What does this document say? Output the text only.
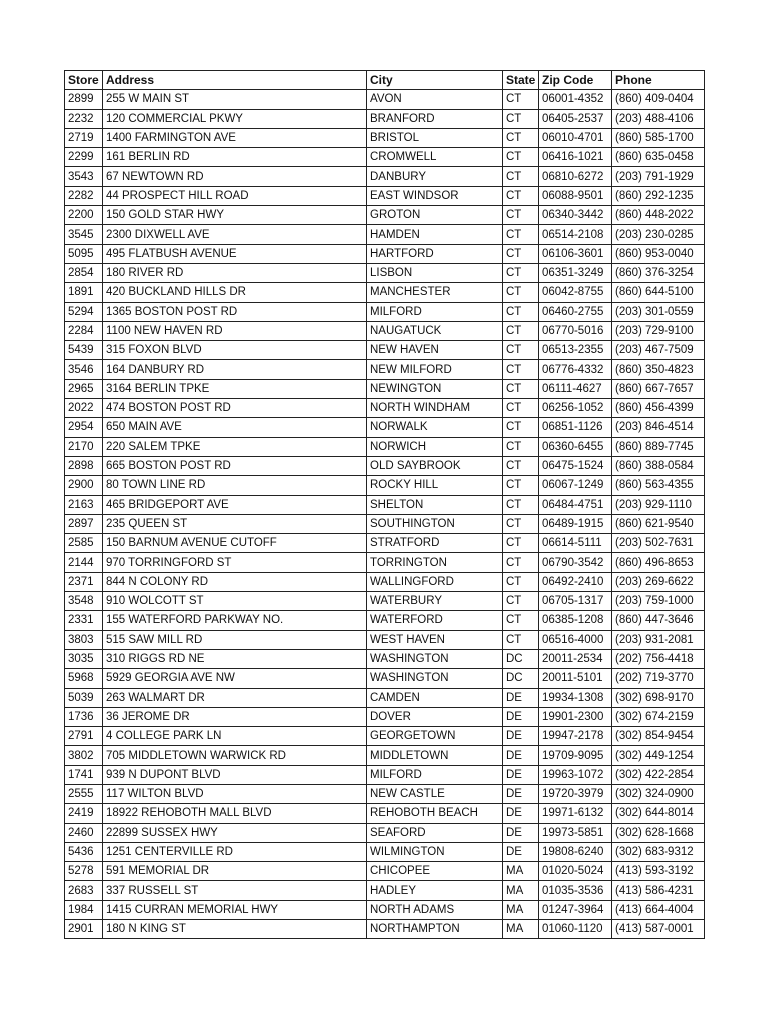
Store	Address	City	State	Zip Code	Phone
2899	255 W MAIN ST	AVON	CT	06001-4352	(860) 409-0404
2232	120 COMMERCIAL PKWY	BRANFORD	CT	06405-2537	(203) 488-4106
2719	1400 FARMINGTON AVE	BRISTOL	CT	06010-4701	(860) 585-1700
2299	161 BERLIN RD	CROMWELL	CT	06416-1021	(860) 635-0458
3543	67 NEWTOWN RD	DANBURY	CT	06810-6272	(203) 791-1929
2282	44 PROSPECT HILL ROAD	EAST WINDSOR	CT	06088-9501	(860) 292-1235
2200	150 GOLD STAR HWY	GROTON	CT	06340-3442	(860) 448-2022
3545	2300 DIXWELL AVE	HAMDEN	CT	06514-2108	(203) 230-0285
5095	495 FLATBUSH AVENUE	HARTFORD	CT	06106-3601	(860) 953-0040
2854	180 RIVER RD	LISBON	CT	06351-3249	(860) 376-3254
1891	420 BUCKLAND HILLS DR	MANCHESTER	CT	06042-8755	(860) 644-5100
5294	1365 BOSTON POST RD	MILFORD	CT	06460-2755	(203) 301-0559
2284	1100 NEW HAVEN RD	NAUGATUCK	CT	06770-5016	(203) 729-9100
5439	315 FOXON BLVD	NEW HAVEN	CT	06513-2355	(203) 467-7509
3546	164 DANBURY RD	NEW MILFORD	CT	06776-4332	(860) 350-4823
2965	3164 BERLIN TPKE	NEWINGTON	CT	06111-4627	(860) 667-7657
2022	474 BOSTON POST RD	NORTH WINDHAM	CT	06256-1052	(860) 456-4399
2954	650 MAIN AVE	NORWALK	CT	06851-1126	(203) 846-4514
2170	220 SALEM TPKE	NORWICH	CT	06360-6455	(860) 889-7745
2898	665 BOSTON POST RD	OLD SAYBROOK	CT	06475-1524	(860) 388-0584
2900	80 TOWN LINE RD	ROCKY HILL	CT	06067-1249	(860) 563-4355
2163	465 BRIDGEPORT AVE	SHELTON	CT	06484-4751	(203) 929-1110
2897	235 QUEEN ST	SOUTHINGTON	CT	06489-1915	(860) 621-9540
2585	150 BARNUM AVENUE CUTOFF	STRATFORD	CT	06614-5111	(203) 502-7631
2144	970 TORRINGFORD ST	TORRINGTON	CT	06790-3542	(860) 496-8653
2371	844 N COLONY RD	WALLINGFORD	CT	06492-2410	(203) 269-6622
3548	910 WOLCOTT ST	WATERBURY	CT	06705-1317	(203) 759-1000
2331	155 WATERFORD PARKWAY NO.	WATERFORD	CT	06385-1208	(860) 447-3646
3803	515 SAW MILL RD	WEST HAVEN	CT	06516-4000	(203) 931-2081
3035	310 RIGGS RD NE	WASHINGTON	DC	20011-2534	(202) 756-4418
5968	5929 GEORGIA AVE NW	WASHINGTON	DC	20011-5101	(202) 719-3770
5039	263 WALMART DR	CAMDEN	DE	19934-1308	(302) 698-9170
1736	36 JEROME DR	DOVER	DE	19901-2300	(302) 674-2159
2791	4 COLLEGE PARK LN	GEORGETOWN	DE	19947-2178	(302) 854-9454
3802	705 MIDDLETOWN WARWICK RD	MIDDLETOWN	DE	19709-9095	(302) 449-1254
1741	939 N DUPONT BLVD	MILFORD	DE	19963-1072	(302) 422-2854
2555	117 WILTON BLVD	NEW CASTLE	DE	19720-3979	(302) 324-0900
2419	18922 REHOBOTH MALL BLVD	REHOBOTH BEACH	DE	19971-6132	(302) 644-8014
2460	22899 SUSSEX HWY	SEAFORD	DE	19973-5851	(302) 628-1668
5436	1251 CENTERVILLE RD	WILMINGTON	DE	19808-6240	(302) 683-9312
5278	591 MEMORIAL DR	CHICOPEE	MA	01020-5024	(413) 593-3192
2683	337 RUSSELL ST	HADLEY	MA	01035-3536	(413) 586-4231
1984	1415 CURRAN MEMORIAL HWY	NORTH ADAMS	MA	01247-3964	(413) 664-4004
2901	180 N KING ST	NORTHAMPTON	MA	01060-1120	(413) 587-0001
